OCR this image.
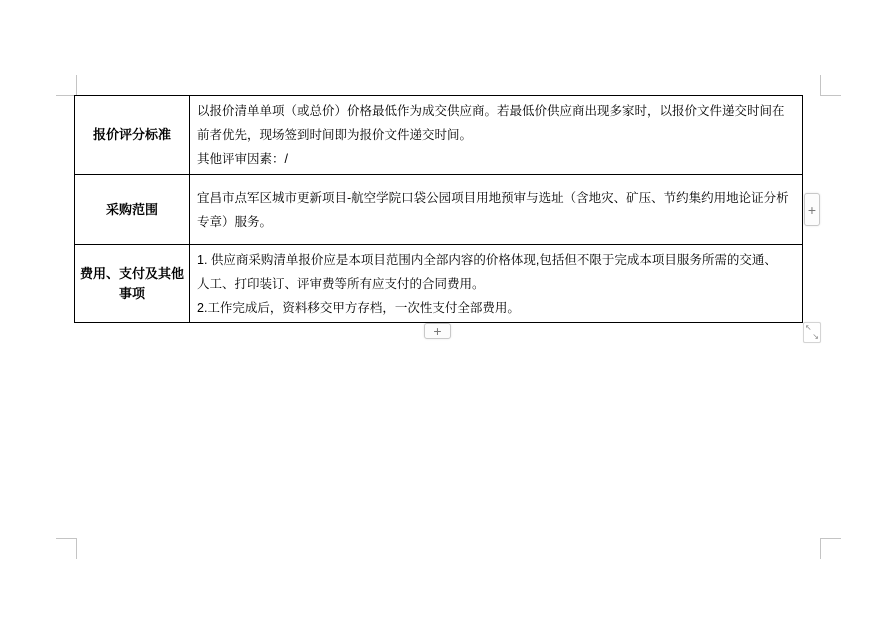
报价评分标准	以报价清单单项（或总价）价格最低作为成交供应商。若最低价供应商出现多家时，以报价文件递交时间在
前者优先，现场签到时间即为报价文件递交时间。
其他评审因素：/

采购范围	宜昌市点军区城市更新项目-航空学院口袋公园项目用地预审与选址（含地灾、矿压、节约集约用地论证分析
专章）服务。

费用、支付及其他事项	1. 供应商采购清单报价应是本项目范围内全部内容的价格体现,包括但不限于完成本项目服务所需的交通、
人工、打印装订、评审费等所有应支付的合同费用。
2.工作完成后，资料移交甲方存档，一次性支付全部费用。
+
+	↖
↘
